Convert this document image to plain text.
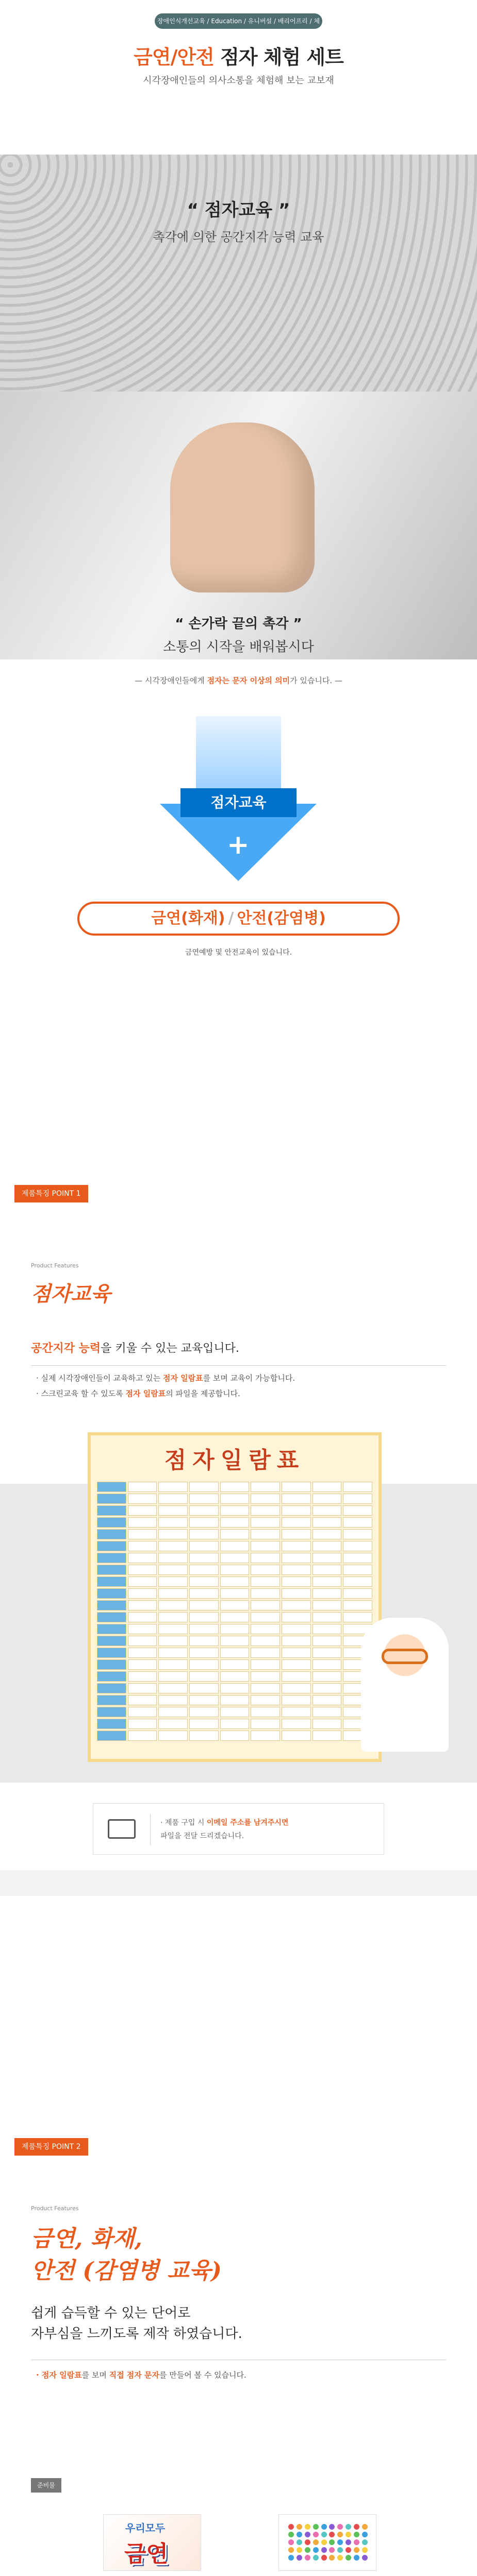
장애인식개선교육 / Education / 유니버설 / 배리어프리 / 체험교육 프로그램
금연/안전 점자 체험 세트
시각장애인들의 의사소통을 체험해 보는 교보재
“ 점자교육 ”
촉각에 의한 공간지각 능력 교육
“ 손가락 끝의 촉각 ”
소통의 시작을 배워봅시다
— 시각장애인들에게 점자는 문자 이상의 의미가 있습니다. —
점자교육
+
금연(화재) / 안전(감염병)
금연예방 및 안전교육이 있습니다.
제품특징 POINT 1
Product Features
점자교육
공간지각 능력을 키울 수 있는 교육입니다.
· 실제 시각장애인들이 교육하고 있는 점자 일람표를 보며 교육이 가능합니다.
· 스크린교육 할 수 있도록 점자 일람표의 파일을 제공합니다.
점자일람표
· 제품 구입 시 이메일 주소를 남겨주시면
파일을 전달 드리겠습니다.
제품특징 POINT 2
Product Features
금연, 화재,
안전 (감염병 교육)
쉽게 습득할 수 있는 단어로
자부심을 느끼도록 제작 하였습니다.
· 점자 일람표를 보며 직접 점자 문자를 만들어 볼 수 있습니다.
준비물
우리모두
금연
